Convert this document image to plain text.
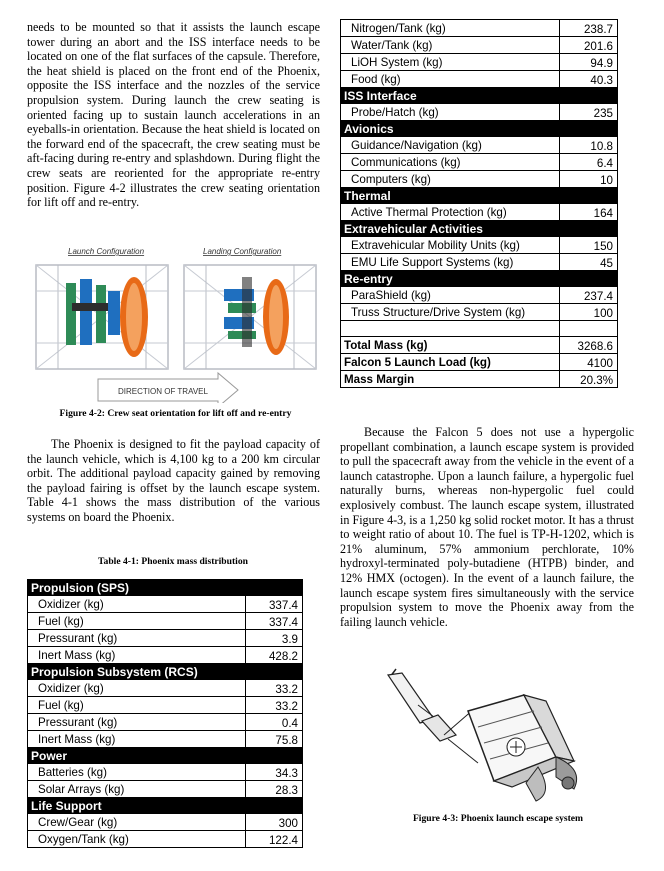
needs to be mounted so that it assists the launch escape tower during an abort and the ISS interface needs to be located on one of the flat surfaces of the capsule. Therefore, the heat shield is placed on the front end of the Phoenix, opposite the ISS interface and the nozzles of the service propulsion system. During launch the crew seating is oriented facing up to sustain launch accelerations in an eyeballs-in orientation. Because the heat shield is located on the forward end of the spacecraft, the crew seating must be aft-facing during re-entry and splashdown. During flight the crew seats are reoriented for the appropriate re-entry position. Figure 4-2 illustrates the crew seating orientation for lift off and re-entry.

Launch Configuration	Landing Configuration
DIRECTION OF TRAVEL
Figure 4-2: Crew seat orientation for lift off and re-entry

The Phoenix is designed to fit the payload capacity of the launch vehicle, which is 4,100 kg to a 200 km circular orbit. The additional payload capacity gained by removing the payload fairing is offset by the launch escape system. Table 4-1 shows the mass distribution of the various systems on board the Phoenix.

Table 4-1: Phoenix mass distribution
Propulsion (SPS)	
Oxidizer (kg)	337.4
Fuel (kg)	337.4
Pressurant (kg)	3.9
Inert Mass (kg)	428.2
Propulsion Subsystem (RCS)	
Oxidizer (kg)	33.2
Fuel (kg)	33.2
Pressurant (kg)	0.4
Inert Mass (kg)	75.8
Power	
Batteries (kg)	34.3
Solar Arrays (kg)	28.3
Life Support	
Crew/Gear (kg)	300
Oxygen/Tank (kg)	122.4
Nitrogen/Tank (kg)	238.7
Water/Tank (kg)	201.6
LiOH System (kg)	94.9
Food (kg)	40.3
ISS Interface	
Probe/Hatch (kg)	235
Avionics	
Guidance/Navigation (kg)	10.8
Communications (kg)	6.4
Computers (kg)	10
Thermal	
Active Thermal Protection (kg)	164
Extravehicular Activities	
Extravehicular Mobility Units (kg)	150
EMU Life Support Systems (kg)	45
Re-entry	
ParaShield (kg)	237.4
Truss Structure/Drive System (kg)	100

Total Mass (kg)	3268.6
Falcon 5 Launch Load (kg)	4100
Mass Margin	20.3%

Because the Falcon 5 does not use a hypergolic propellant combination, a launch escape system is provided to pull the spacecraft away from the vehicle in the event of a launch catastrophe. Upon a launch failure, a hypergolic fuel naturally burns, whereas non-hypergolic fuel could explosively combust. The launch escape system, illustrated in Figure 4-3, is a 1,250 kg solid rocket motor. It has a thrust to weight ratio of about 10. The fuel is TP-H-1202, which is 21% aluminum, 57% ammonium perchlorate, 10% hydroxyl-terminated poly-butadiene (HTPB) binder, and 12% HMX (octogen). In the event of a launch failure, the launch escape system fires simultaneously with the service propulsion system to move the Phoenix away from the failing launch vehicle.

Figure 4-3: Phoenix launch escape system
